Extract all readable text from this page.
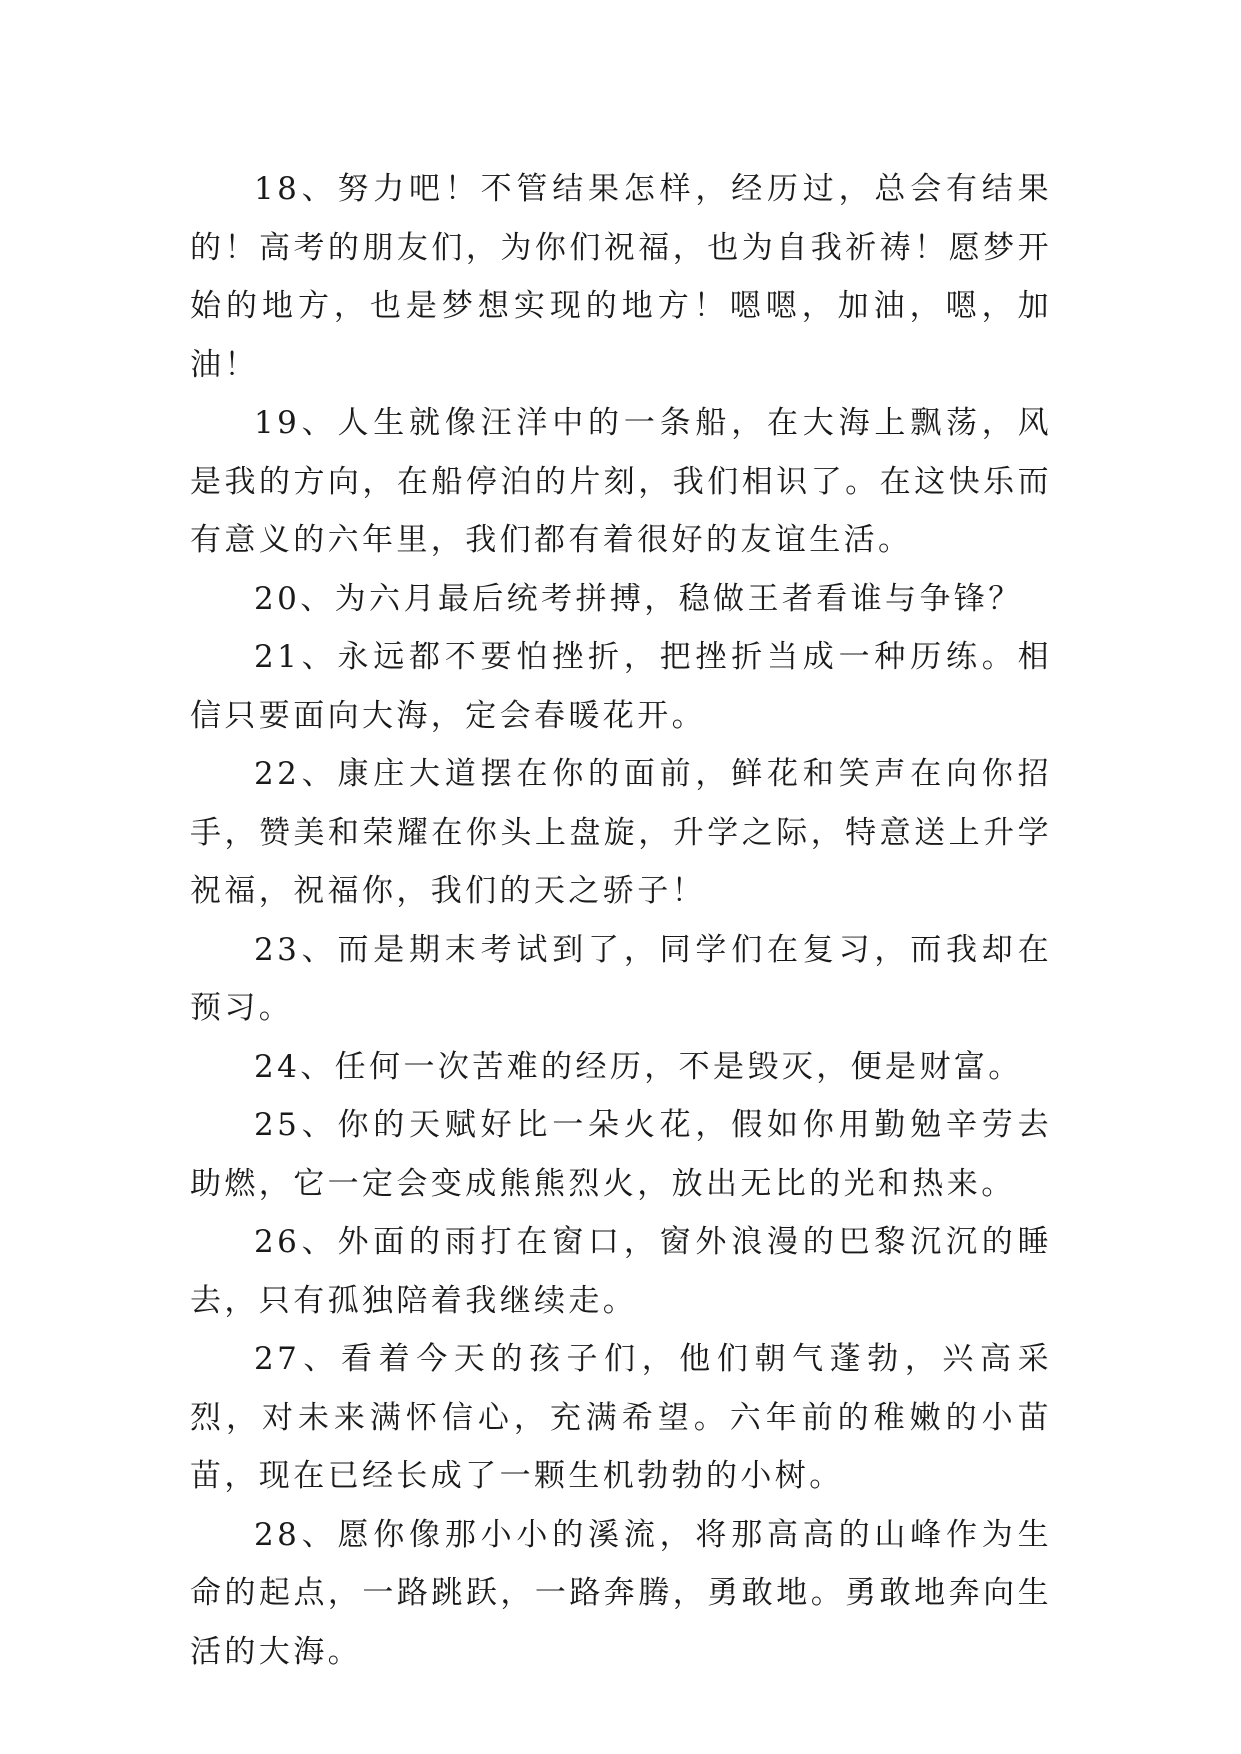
18、努力吧！不管结果怎样，经历过，总会有结果的！高考的朋友们，为你们祝福，也为自我祈祷！愿梦开始的地方，也是梦想实现的地方！嗯嗯，加油，嗯，加油！

19、人生就像汪洋中的一条船，在大海上飘荡，风是我的方向，在船停泊的片刻，我们相识了。在这快乐而有意义的六年里，我们都有着很好的友谊生活。

20、为六月最后统考拼搏，稳做王者看谁与争锋？

21、永远都不要怕挫折，把挫折当成一种历练。相信只要面向大海，定会春暖花开。

22、康庄大道摆在你的面前，鲜花和笑声在向你招手，赞美和荣耀在你头上盘旋，升学之际，特意送上升学祝福，祝福你，我们的天之骄子！

23、而是期末考试到了，同学们在复习，而我却在预习。

24、任何一次苦难的经历，不是毁灭，便是财富。

25、你的天赋好比一朵火花，假如你用勤勉辛劳去助燃，它一定会变成熊熊烈火，放出无比的光和热来。

26、外面的雨打在窗口，窗外浪漫的巴黎沉沉的睡去，只有孤独陪着我继续走。

27、看着今天的孩子们，他们朝气蓬勃，兴高采烈，对未来满怀信心，充满希望。六年前的稚嫩的小苗苗，现在已经长成了一颗生机勃勃的小树。

28、愿你像那小小的溪流，将那高高的山峰作为生命的起点，一路跳跃，一路奔腾，勇敢地。勇敢地奔向生活的大海。
